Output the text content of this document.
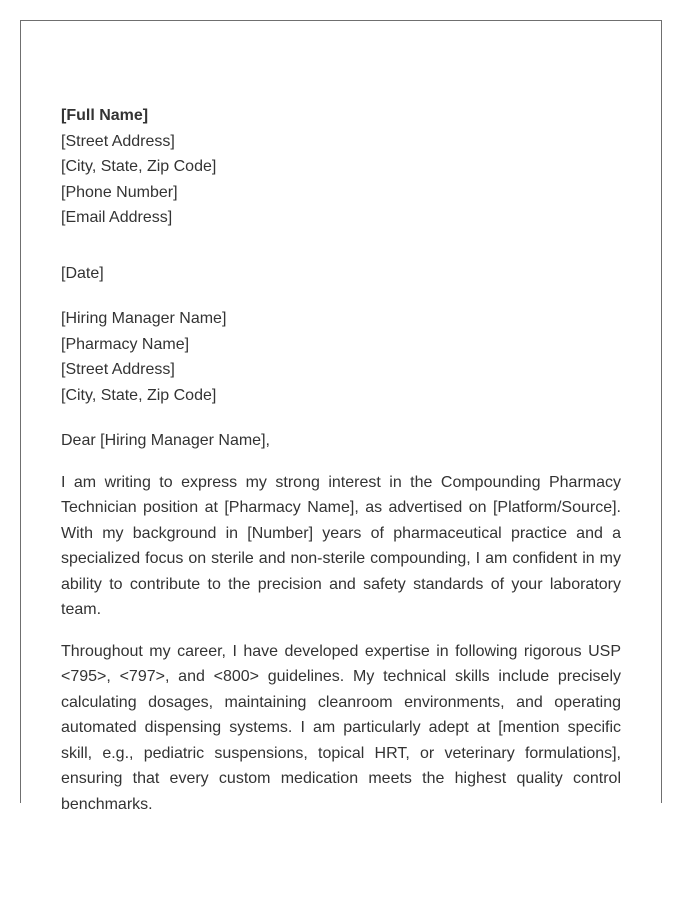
[Full Name]
[Street Address]
[City, State, Zip Code]
[Phone Number]
[Email Address]
[Date]
[Hiring Manager Name]
[Pharmacy Name]
[Street Address]
[City, State, Zip Code]
Dear [Hiring Manager Name],
I am writing to express my strong interest in the Compounding Pharmacy Technician position at [Pharmacy Name], as advertised on [Platform/Source]. With my background in [Number] years of pharmaceutical practice and a specialized focus on sterile and non-sterile compounding, I am confident in my ability to contribute to the precision and safety standards of your laboratory team.
Throughout my career, I have developed expertise in following rigorous USP <795>, <797>, and <800> guidelines. My technical skills include precisely calculating dosages, maintaining cleanroom environments, and operating automated dispensing systems. I am particularly adept at [mention specific skill, e.g., pediatric suspensions, topical HRT, or veterinary formulations], ensuring that every custom medication meets the highest quality control benchmarks.
